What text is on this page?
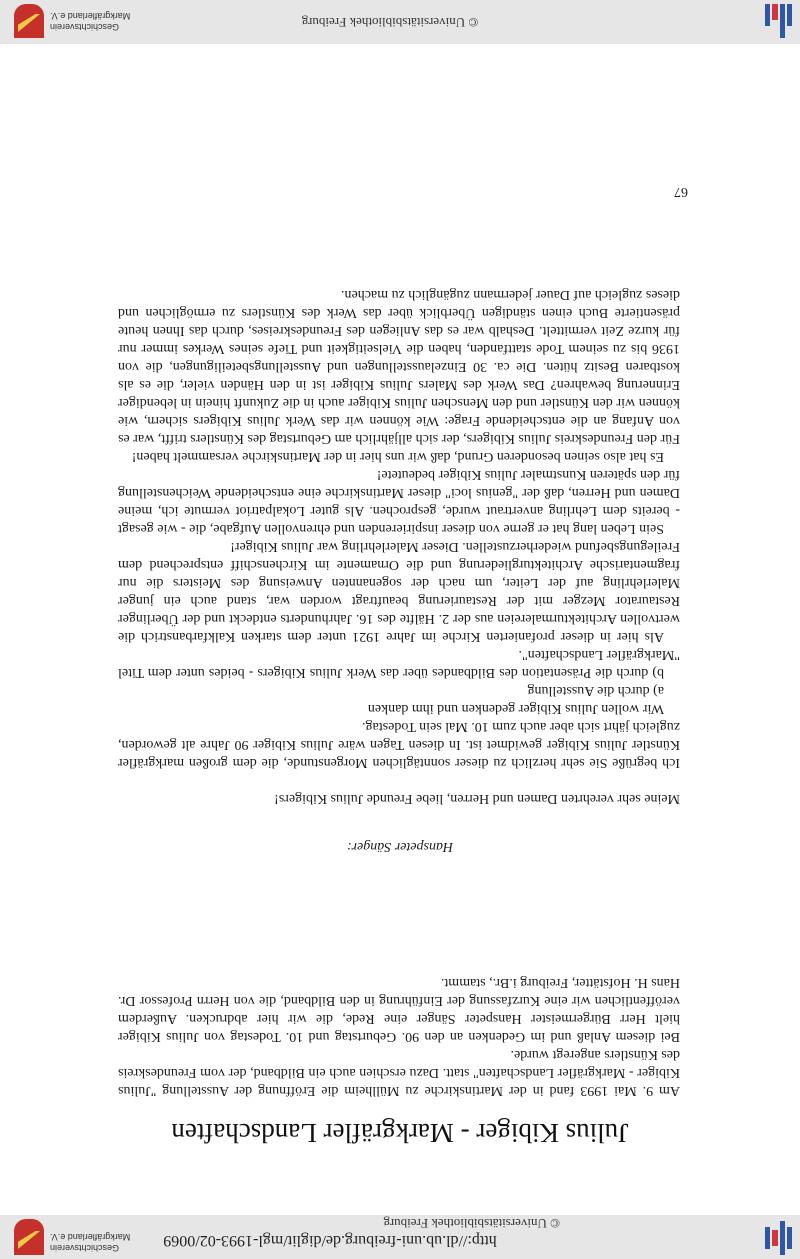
http://dl.ub.uni-freiburg.de/diglit/mgl-1993-02/0069
© Universitätsbibliothek Freiburg
Geschichtsverein
Markgräflerland e.V.
Julius Kibiger - Markgräfler Landschaften

Am 9. Mai 1993 fand in der Martinskirche zu Müllheim die Eröffnung der Ausstellung "Julius Kibiger - Markgräfler Landschaften" statt. Dazu erschien auch ein Bildband, der vom Freundeskreis des Künstlers angeregt wurde.

Bei diesem Anlaß und im Gedenken an den 90. Geburtstag und 10. Todestag von Julius Kibiger hielt Herr Bürgermeister Hanspeter Sänger eine Rede, die wir hier abdrucken. Außerdem veröffentlichen wir eine Kurzfassung der Einführung in den Bildband, die von Herrn Professor Dr. Hans H. Hofstätter, Freiburg i.Br., stammt.

Hanspeter Sänger:

Meine sehr verehrten Damen und Herren, liebe Freunde Julius Kibigers!

Ich begrüße Sie sehr herzlich zu dieser sonntäglichen Morgenstunde, die dem großen markgräfler Künstler Julius Kibiger gewidmet ist. In diesen Tagen wäre Julius Kibiger 90 Jahre alt geworden, zugleich jährt sich aber auch zum 10. Mal sein Todestag.

Wir wollen Julius Kibiger gedenken und ihm danken

a) durch die Ausstellung

b) durch die Präsentation des Bildbandes über das Werk Julius Kibigers - beides unter dem Titel "Markgräfler Landschaften".

Als hier in dieser profanierten Kirche im Jahre 1921 unter dem starken Kalkfarbanstrich die wertvollen Architekturmalereien aus der 2. Hälfte des 16. Jahrhunderts entdeckt und der Überlinger Restaurator Mezger mit der Restaurierung beauftragt worden war, stand auch ein junger Malerlehrling auf der Leiter, um nach der sogenannten Anweisung des Meisters die nur fragmentarische Architekturgliederung und die Ornamente im Kirchenschiff entsprechend dem Freilegungsbefund wiederherzustellen. Dieser Malerlehrling war Julius Kibiger!

Sein Leben lang hat er gerne von dieser inspirierenden und ehrenvollen Aufgabe, die - wie gesagt - bereits dem Lehrling anvertraut wurde, gesprochen. Als guter Lokalpatriot vermute ich, meine Damen und Herren, daß der "genius loci" dieser Martinskirche eine entscheidende Weichenstellung für den späteren Kunstmaler Julius Kibiger bedeutete!

Es hat also seinen besonderen Grund, daß wir uns hier in der Martinskirche versammelt haben!

Für den Freundeskreis Julius Kibigers, der sich alljährlich am Geburtstag des Künstlers trifft, war es von Anfang an die entscheidende Frage: Wie können wir das Werk Julius Kibigers sichern, wie können wir den Künstler und den Menschen Julius Kibiger auch in die Zukunft hinein in lebendiger Erinnerung bewahren? Das Werk des Malers Julius Kibiger ist in den Händen vieler, die es als kostbaren Besitz hüten. Die ca. 30 Einzelausstellungen und Ausstellungsbeteiligungen, die von 1936 bis zu seinem Tode stattfanden, haben die Vielseitigkeit und Tiefe seines Werkes immer nur für kurze Zeit vermittelt. Deshalb war es das Anliegen des Freundeskreises, durch das Ihnen heute präsentierte Buch einen ständigen Überblick über das Werk des Künstlers zu ermöglichen und dieses zugleich auf Dauer jedermann zugänglich zu machen.

67
© Universitätsbibliothek Freiburg
Geschichtsverein
Markgräflerland e.V.
